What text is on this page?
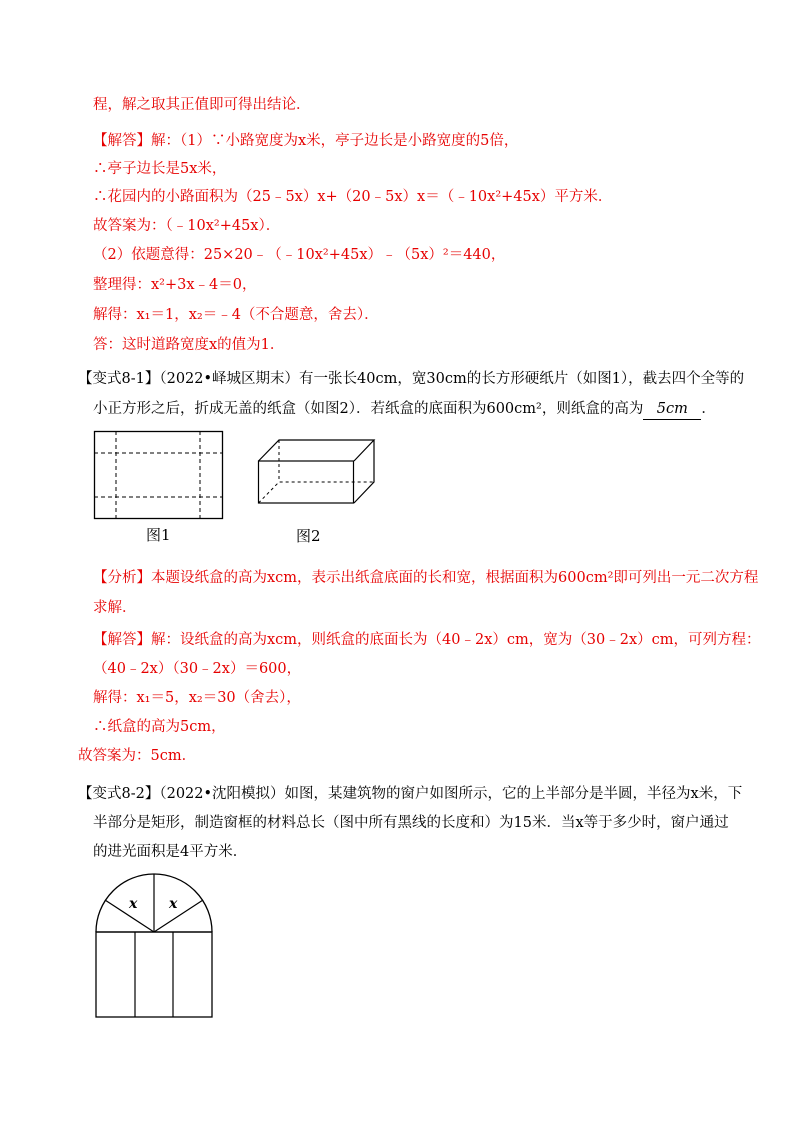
程，解之取其正值即可得出结论．
【解答】解：（1）∵小路宽度为x米，亭子边长是小路宽度的5倍，
∴亭子边长是5x米，
∴花园内的小路面积为（25﹣5x）x+（20﹣5x）x＝（﹣10x²+45x）平方米．
故答案为：（﹣10x²+45x）．
（2）依题意得：25×20﹣（﹣10x²+45x）﹣（5x）²＝440，
整理得：x²+3x﹣4＝0，
解得：x₁＝1，x₂＝﹣4（不合题意，舍去）．
答：这时道路宽度x的值为1．
【变式8-1】（2022•峄城区期末）有一张长40cm，宽30cm的长方形硬纸片（如图1），截去四个全等的
小正方形之后，折成无盖的纸盒（如图2）．若纸盒的底面积为600cm²，则纸盒的高为 5cm ．
图1	图2
【分析】本题设纸盒的高为xcm，表示出纸盒底面的长和宽，根据面积为600cm²即可列出一元二次方程
求解．
【解答】解：设纸盒的高为xcm，则纸盒的底面长为（40﹣2x）cm，宽为（30﹣2x）cm，可列方程：
（40﹣2x）（30﹣2x）＝600，
解得：x₁＝5，x₂＝30（舍去），
∴纸盒的高为5cm，
故答案为：5cm．
【变式8-2】（2022•沈阳模拟）如图，某建筑物的窗户如图所示，它的上半部分是半圆，半径为x米，下
半部分是矩形，制造窗框的材料总长（图中所有黑线的长度和）为15米．当x等于多少时，窗户通过
的进光面积是4平方米．
x x
